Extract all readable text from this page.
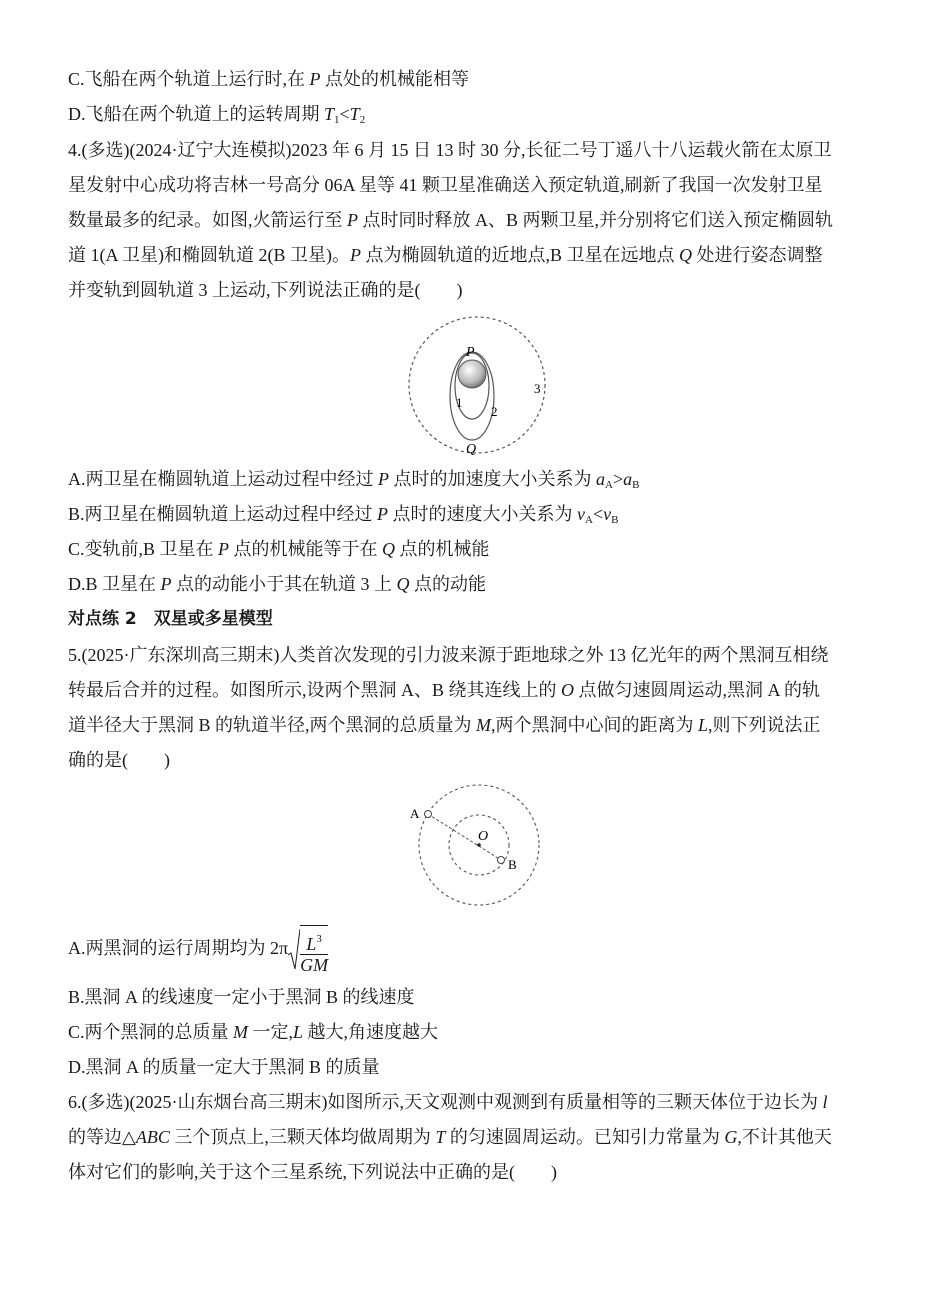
C.飞船在两个轨道上运行时,在 P 点处的机械能相等
D.飞船在两个轨道上的运转周期 $T_1<T_2$
4.(多选)(2024·辽宁大连模拟)2023 年 6 月 15 日 13 时 30 分,长征二号丁遥八十八运载火箭在太原卫
星发射中心成功将吉林一号高分 06A 星等 41 颗卫星准确送入预定轨道,刷新了我国一次发射卫星
数量最多的纪录。如图,火箭运行至 P 点时同时释放 A、B 两颗卫星,并分别将它们送入预定椭圆轨
道 1(A 卫星)和椭圆轨道 2(B 卫星)。P 点为椭圆轨道的近地点,B 卫星在远地点 Q 处进行姿态调整
并变轨到圆轨道 3 上运动,下列说法正确的是(　　)
P
Q
1
2
3
A.两卫星在椭圆轨道上运动过程中经过 P 点时的加速度大小关系为 $a_A>a_B$
B.两卫星在椭圆轨道上运动过程中经过 P 点时的速度大小关系为 $v_A<v_B$
C.变轨前,B 卫星在 P 点的机械能等于在 Q 点的机械能
D.B 卫星在 P 点的动能小于其在轨道 3 上 Q 点的动能
对点练 2　双星或多星模型
5.(2025·广东深圳高三期末)人类首次发现的引力波来源于距地球之外 13 亿光年的两个黑洞互相绕
转最后合并的过程。如图所示,设两个黑洞 A、B 绕其连线上的 O 点做匀速圆周运动,黑洞 A 的轨
道半径大于黑洞 B 的轨道半径,两个黑洞的总质量为 M,两个黑洞中心间的距离为 L,则下列说法正
确的是(　　)
A
B
O
A.两黑洞的运行周期均为 $2\pi \frac{L^3}{GM}$
B.黑洞 A 的线速度一定小于黑洞 B 的线速度
C.两个黑洞的总质量 M 一定,L 越大,角速度越大
D.黑洞 A 的质量一定大于黑洞 B 的质量
6.(多选)(2025·山东烟台高三期末)如图所示,天文观测中观测到有质量相等的三颗天体位于边长为 l
的等边△ABC 三个顶点上,三颗天体均做周期为 T 的匀速圆周运动。已知引力常量为 G,不计其他天
体对它们的影响,关于这个三星系统,下列说法中正确的是(　　)
